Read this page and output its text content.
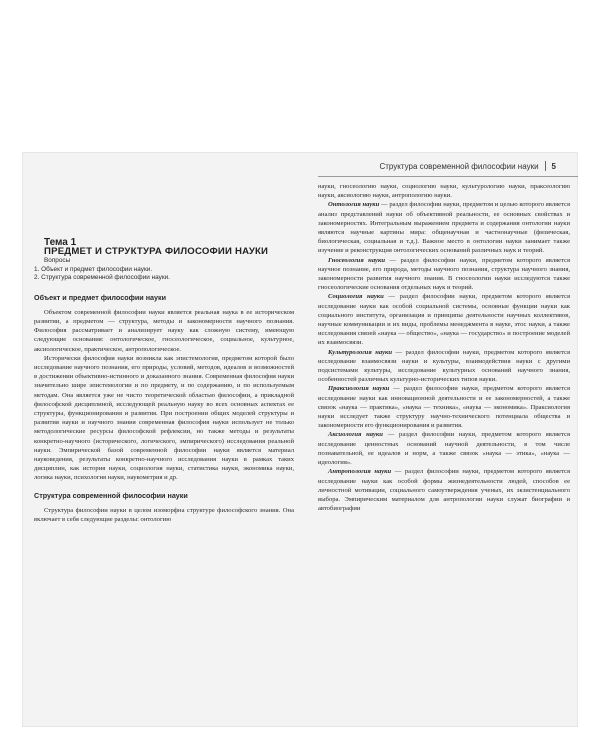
Структура современной философии науки 5

Тема 1

ПРЕДМЕТ И СТРУКТУРА ФИЛОСОФИИ НАУКИ

Вопросы

1. Объект и предмет философии науки.
2. Структура современной философии науки.
Объект и предмет философии науки

Объектом современной философии науки является реальная наука в ее историческом развитии, а предметом — структура, методы и закономерности научного познания. Философия рассматривает и анализирует науку как сложную систему, имеющую следующие основания: онтологическое, гносеологическое, социальное, культурное, аксиологическое, практическое, антропологическое.

Исторически философия науки возникла как эпистемология, предметом которой было исследование научного познания, его природы, условий, методов, идеалов и возможностей в достижении объективно-истинного и доказанного знания. Современная философия науки значительно шире эпистемологии и по предмету, и по содержанию, и по используемым методам. Она является уже не чисто теоретической областью философии, а прикладной философской дисциплиной, исследующей реальную науку во всех основных аспектах ее структуры, функционирования и развития. При построении общих моделей структуры и развития науки и научного знания современная философия науки использует не только методологические ресурсы философской рефлексии, но также методы и результаты конкретно-научного (исторического, логического, эмпирического) исследования реальной науки. Эмпирической базой современной философии науки является материал науковедения, результаты конкретно-научного исследования науки в рамках таких дисциплин, как история науки, социология науки, статистика науки, экономика науки, логика науки, психология науки, наукометрия и др.

Структура современной философии науки

Структура философии науки в целом изоморфна структуре философского знания. Она включает в себя следующие разделы: онтологию

науки, гносеологию науки, социологию науки, культурологию науки, праксеологию науки, аксиологию науки, антропологию науки.

Онтология науки — раздел философии науки, предметом и целью которого является анализ представлений науки об объективной реальности, ее основных свойствах и закономерностях. Интегральным выражением предмета и содержания онтологии науки являются научные картины мира: общенаучная и частнонаучные (физическая, биологическая, социальная и т.д.). Важное место в онтологии науки занимает также изучение и реконструкция онтологических оснований различных наук и теорий.

Гносеология науки — раздел философии науки, предметом которого является научное познание, его природа, методы научного познания, структура научного знания, закономерности развития научного знания. В гносеологии науки исследуются также гносеологические основания отдельных наук и теорий.

Социология науки — раздел философии науки, предметом которого является исследование науки как особой социальной системы, основные функции науки как социального института, организация и принципы деятельности научных коллективов, научные коммуникации и их виды, проблемы менеджмента в науке, этос науки, а также исследования связей «наука — общество», «наука — государство» и построение моделей их взаимосвязи.

Культурология науки — раздел философии науки, предметом которого является исследование взаимосвязи науки и культуры, взаимодействия науки с другими подсистемами культуры, исследование культурных оснований научного знания, особенностей различных культурно-исторических типов науки.

Праксиология науки — раздел философии науки, предметом которого является исследование науки как инновационной деятельности и ее закономерностей, а также связок «наука — практика», «наука — техника», «наука — экономика». Праксиология науки исследует также структуру научно-технического потенциала общества и закономерности его функционирования и развития.

Аксиология науки — раздел философии науки, предметом которого является исследование ценностных оснований научной деятельности, в том числе познавательной, ее идеалов и норм, а также связок «наука — этика», «наука — идеология».

Антропология науки — раздел философии науки, предметом которого является исследование науки как особой формы жизнедеятельности людей, способов ее личностной мотивации, социального самоутверждения ученых, их экзистенциального выбора. Эмпирическим материалом для антропологии науки служат биографии и автобиографии
